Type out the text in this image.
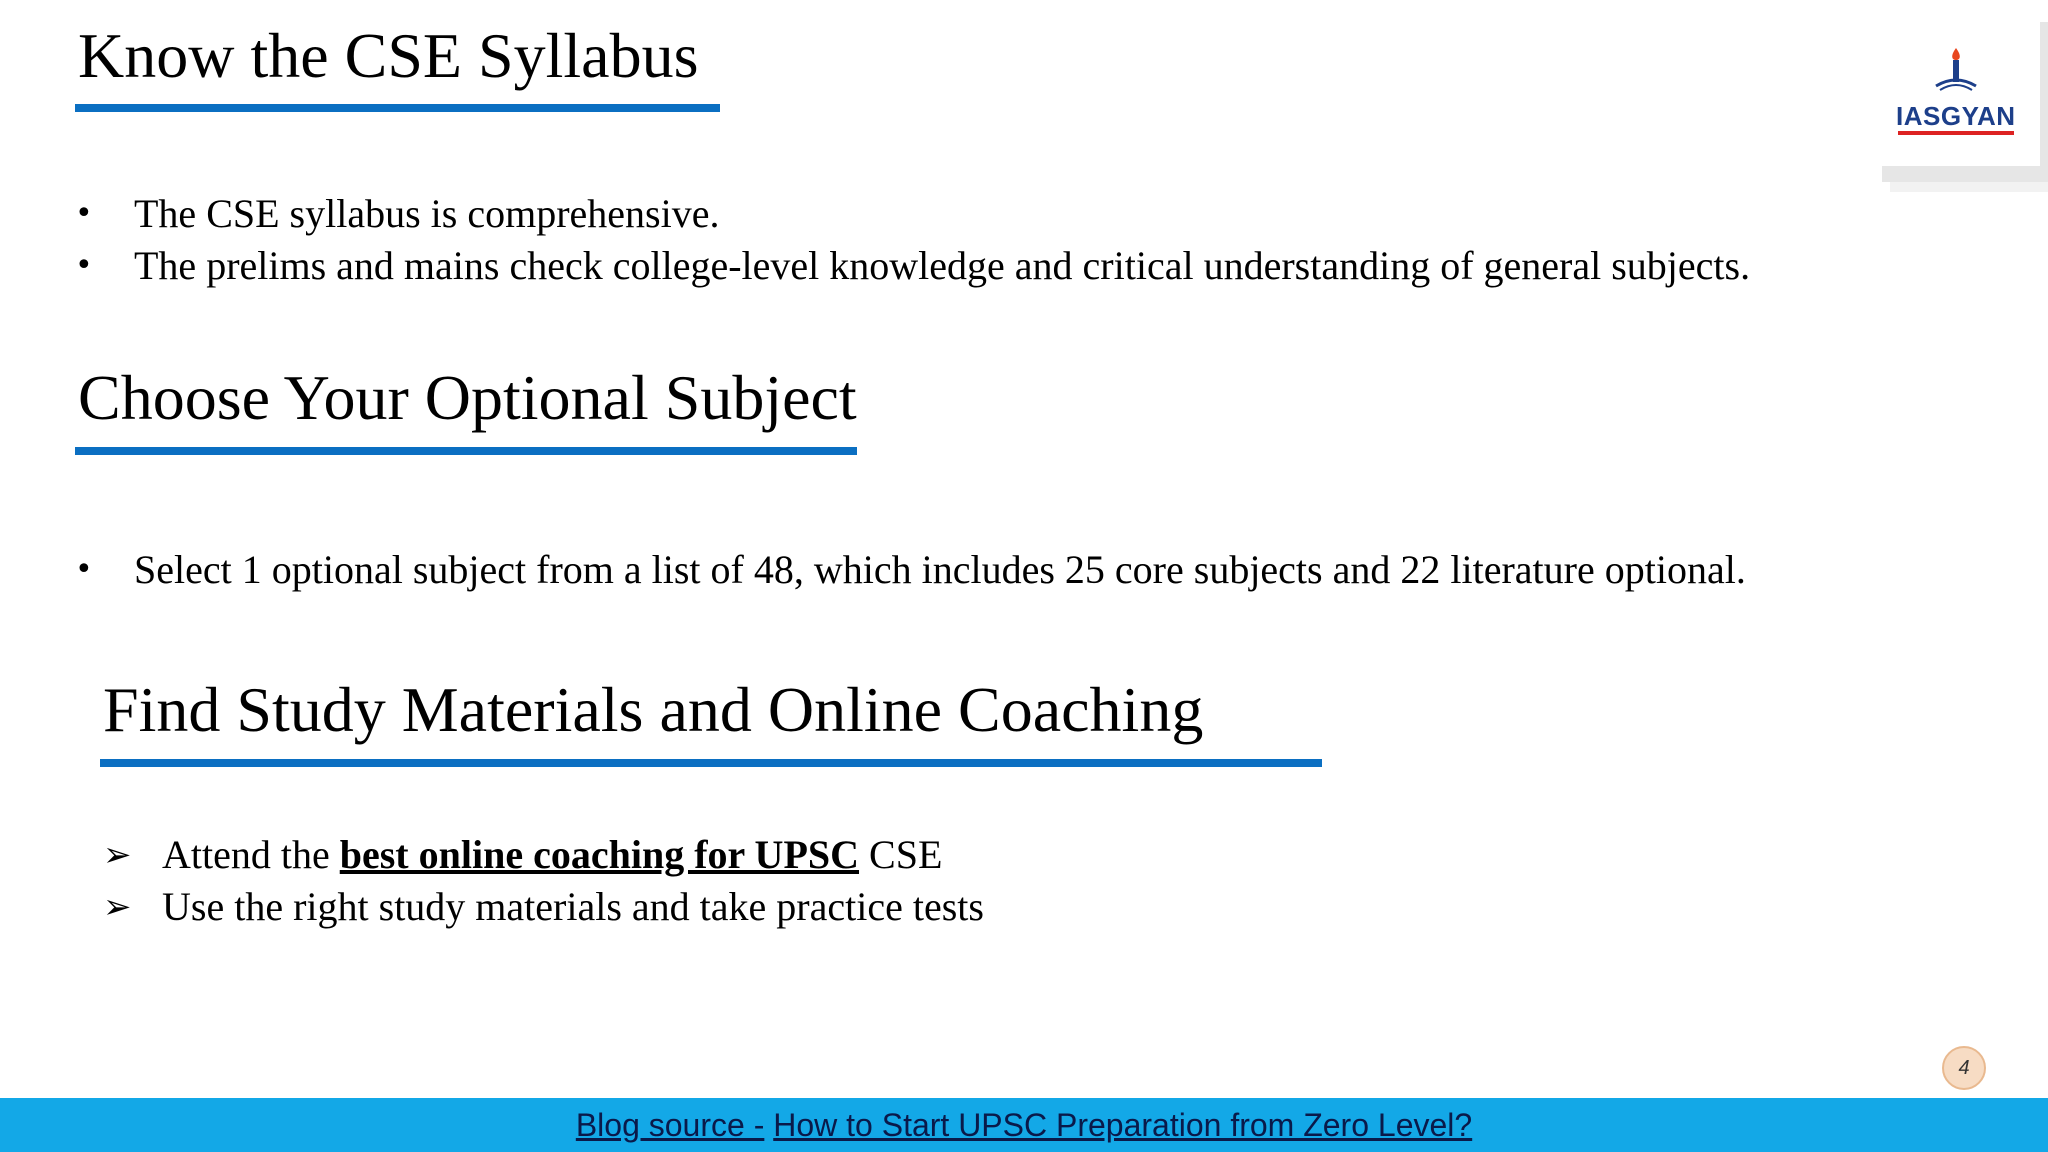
Know the CSE Syllabus
• The CSE syllabus is comprehensive.
• The prelims and mains check college-level knowledge and critical understanding of general subjects.
Choose Your Optional Subject
• Select 1 optional subject from a list of 48, which includes 25 core subjects and 22 literature optional.
Find Study Materials and Online Coaching
➢ Attend the best online coaching for UPSC CSE
➢ Use the right study materials and take practice tests
IASGYAN
4
Blog source - How to Start UPSC Preparation from Zero Level?
